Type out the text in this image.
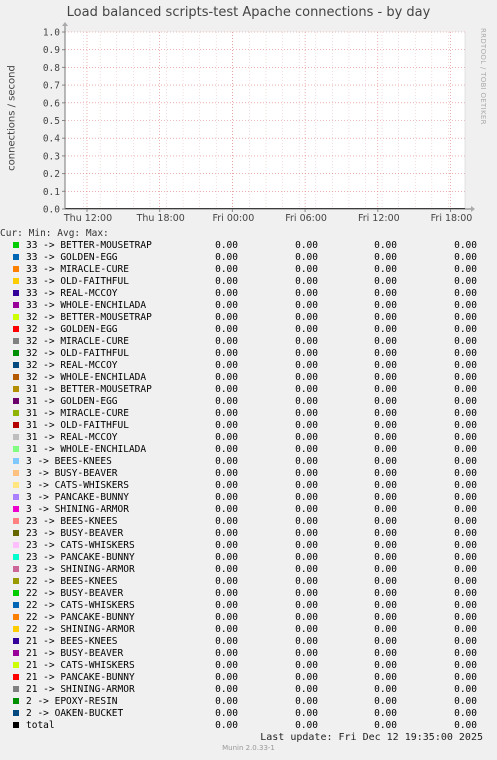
Load balanced scripts-test Apache connections - by day
connections / second	RRDTOOL / TOBI OETIKER
0.0
0.1
0.2
0.3
0.4
0.5
0.6
0.7
0.8
0.9
1.0
Thu 12:00	Thu 18:00	Fri 00:00	Fri 06:00	Fri 12:00	Fri 18:00
Cur: Min: Avg: Max:
33 -> BETTER-MOUSETRAP	0.00	0.00	0.00	0.00
33 -> GOLDEN-EGG	0.00	0.00	0.00	0.00
33 -> MIRACLE-CURE	0.00	0.00	0.00	0.00
33 -> OLD-FAITHFUL	0.00	0.00	0.00	0.00
33 -> REAL-MCCOY	0.00	0.00	0.00	0.00
33 -> WHOLE-ENCHILADA	0.00	0.00	0.00	0.00
32 -> BETTER-MOUSETRAP	0.00	0.00	0.00	0.00
32 -> GOLDEN-EGG	0.00	0.00	0.00	0.00
32 -> MIRACLE-CURE	0.00	0.00	0.00	0.00
32 -> OLD-FAITHFUL	0.00	0.00	0.00	0.00
32 -> REAL-MCCOY	0.00	0.00	0.00	0.00
32 -> WHOLE-ENCHILADA	0.00	0.00	0.00	0.00
31 -> BETTER-MOUSETRAP	0.00	0.00	0.00	0.00
31 -> GOLDEN-EGG	0.00	0.00	0.00	0.00
31 -> MIRACLE-CURE	0.00	0.00	0.00	0.00
31 -> OLD-FAITHFUL	0.00	0.00	0.00	0.00
31 -> REAL-MCCOY	0.00	0.00	0.00	0.00
31 -> WHOLE-ENCHILADA	0.00	0.00	0.00	0.00
3 -> BEES-KNEES	0.00	0.00	0.00	0.00
3 -> BUSY-BEAVER	0.00	0.00	0.00	0.00
3 -> CATS-WHISKERS	0.00	0.00	0.00	0.00
3 -> PANCAKE-BUNNY	0.00	0.00	0.00	0.00
3 -> SHINING-ARMOR	0.00	0.00	0.00	0.00
23 -> BEES-KNEES	0.00	0.00	0.00	0.00
23 -> BUSY-BEAVER	0.00	0.00	0.00	0.00
23 -> CATS-WHISKERS	0.00	0.00	0.00	0.00
23 -> PANCAKE-BUNNY	0.00	0.00	0.00	0.00
23 -> SHINING-ARMOR	0.00	0.00	0.00	0.00
22 -> BEES-KNEES	0.00	0.00	0.00	0.00
22 -> BUSY-BEAVER	0.00	0.00	0.00	0.00
22 -> CATS-WHISKERS	0.00	0.00	0.00	0.00
22 -> PANCAKE-BUNNY	0.00	0.00	0.00	0.00
22 -> SHINING-ARMOR	0.00	0.00	0.00	0.00
21 -> BEES-KNEES	0.00	0.00	0.00	0.00
21 -> BUSY-BEAVER	0.00	0.00	0.00	0.00
21 -> CATS-WHISKERS	0.00	0.00	0.00	0.00
21 -> PANCAKE-BUNNY	0.00	0.00	0.00	0.00
21 -> SHINING-ARMOR	0.00	0.00	0.00	0.00
2 -> EPOXY-RESIN	0.00	0.00	0.00	0.00
2 -> OAKEN-BUCKET	0.00	0.00	0.00	0.00
total	0.00	0.00	0.00	0.00
Last update: Fri Dec 12 19:35:00 2025
Munin 2.0.33-1
